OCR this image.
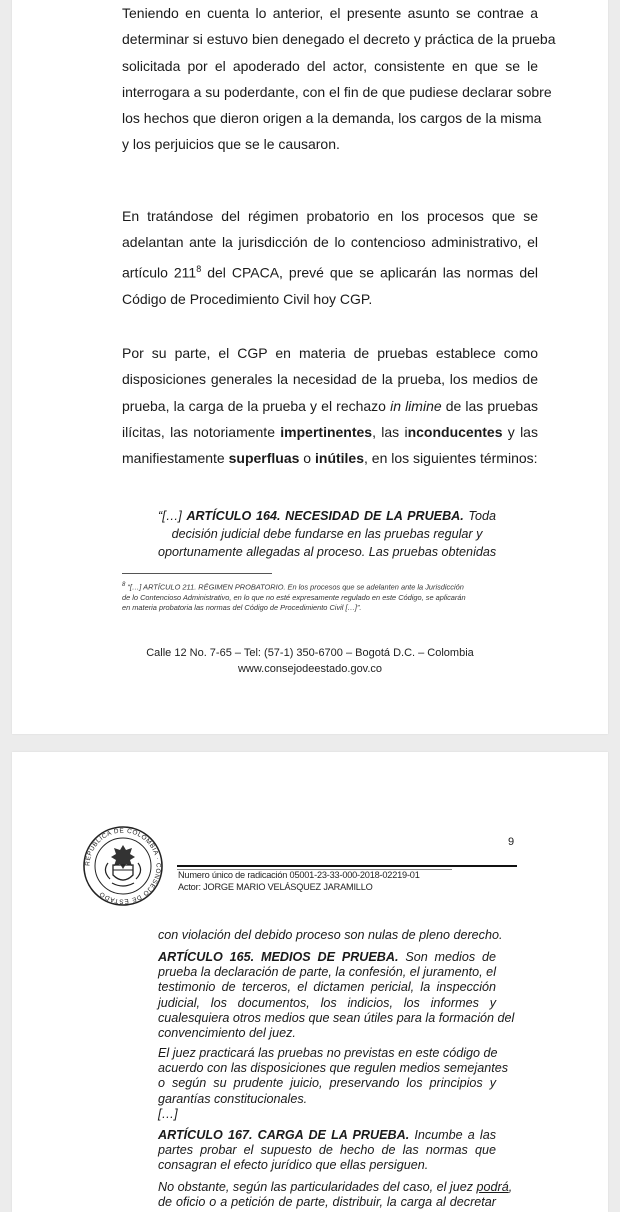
Teniendo en cuenta lo anterior, el presente asunto se contrae a
determinar si estuvo bien denegado el decreto y práctica de la prueba
solicitada por el apoderado del actor, consistente en que se le
interrogara a su poderdante, con el fin de que pudiese declarar sobre
los hechos que dieron origen a la demanda, los cargos de la misma
y los perjuicios que se le causaron.

En tratándose del régimen probatorio en los procesos que se
adelantan ante la jurisdicción de lo contencioso administrativo, el
artículo $211^8$ del CPACA, prevé que se aplicarán las normas del
Código de Procedimiento Civil hoy CGP.

Por su parte, el CGP en materia de pruebas establece como
disposiciones generales la necesidad de la prueba, los medios de
prueba, la carga de la prueba y el rechazo in limine de las pruebas
ilícitas, las notoriamente impertinentes, las inconducentes y las
manifiestamente superfluas o inútiles, en los siguientes términos:

“[…] ARTÍCULO 164. NECESIDAD DE LA PRUEBA. Toda
decisión judicial debe fundarse en las pruebas regular y
oportunamente allegadas al proceso. Las pruebas obtenidas

$^8$ “[…] ARTÍCULO 211. RÉGIMEN PROBATORIO. En los procesos que se adelanten ante la Jurisdicción
de lo Contencioso Administrativo, en lo que no esté expresamente regulado en este Código, se aplicarán
en materia probatoria las normas del Código de Procedimiento Civil […]”.
Calle 12 No. 7-65 – Tel: (57-1) 350-6700 – Bogotá D.C. – Colombia
www.consejodeestado.gov.co
REPÚBLICA DE COLOMBIA · CONSEJO DE ESTADO
9
Numero único de radicación 05001-23-33-000-2018-02219-01
Actor: JORGE MARIO VELÁSQUEZ JARAMILLO

con violación del debido proceso son nulas de pleno derecho.

ARTÍCULO 165. MEDIOS DE PRUEBA. Son medios de
prueba la declaración de parte, la confesión, el juramento, el
testimonio de terceros, el dictamen pericial, la inspección
judicial, los documentos, los indicios, los informes y
cualesquiera otros medios que sean útiles para la formación del
convencimiento del juez.

El juez practicará las pruebas no previstas en este código de
acuerdo con las disposiciones que regulen medios semejantes
o según su prudente juicio, preservando los principios y
garantías constitucionales.
[…]

ARTÍCULO 167. CARGA DE LA PRUEBA. Incumbe a las
partes probar el supuesto de hecho de las normas que
consagran el efecto jurídico que ellas persiguen.

No obstante, según las particularidades del caso, el juez podrá,
de oficio o a petición de parte, distribuir, la carga al decretar
